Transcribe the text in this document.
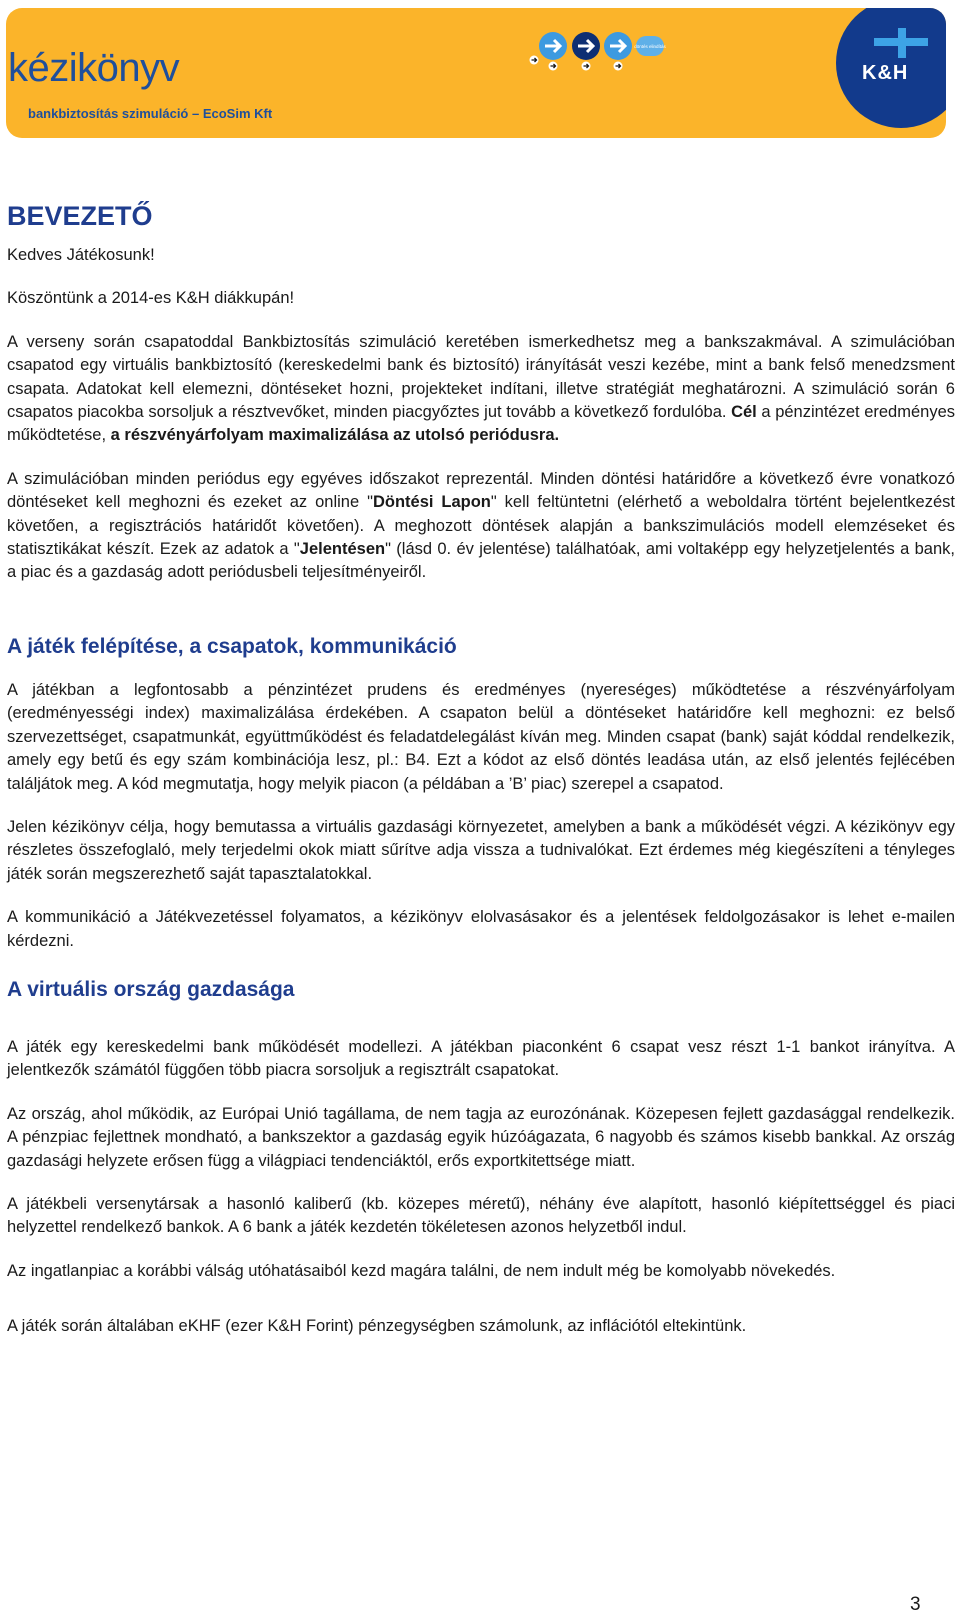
kézikönyv
bankbiztosítás szimuláció – EcoSim Kft
döntés elindítás
K&H
BEVEZETŐ

Kedves Játékosunk!

Köszöntünk a 2014-es K&H diákkupán!

A verseny során csapatoddal Bankbiztosítás szimuláció keretében ismerkedhetsz meg a bankszakmával. A szimulációban csapatod egy virtuális bankbiztosító (kereskedelmi bank és biztosító) irányítását veszi kezébe, mint a bank felső menedzsment csapata. Adatokat kell elemezni, döntéseket hozni, projekteket indítani, illetve stratégiát meghatározni. A szimuláció során 6 csapatos piacokba sorsoljuk a résztvevőket, minden piacgyőztes jut tovább a következő fordulóba. Cél a pénzintézet eredményes működtetése, a részvényárfolyam maximalizálása az utolsó periódusra.

A szimulációban minden periódus egy egyéves időszakot reprezentál. Minden döntési határidőre a következő évre vonatkozó döntéseket kell meghozni és ezeket az online "Döntési Lapon" kell feltüntetni (elérhető a weboldalra történt bejelentkezést követően, a regisztrációs határidőt követően). A meghozott döntések alapján a bankszimulációs modell elemzéseket és statisztikákat készít. Ezek az adatok a "Jelentésen" (lásd 0. év jelentése) találhatóak, ami voltaképp egy helyzetjelentés a bank, a piac és a gazdaság adott periódusbeli teljesítményeiről.

A játék felépítése, a csapatok, kommunikáció

A játékban a legfontosabb a pénzintézet prudens és eredményes (nyereséges) működtetése a részvényárfolyam (eredményességi index) maximalizálása érdekében. A csapaton belül a döntéseket határidőre kell meghozni: ez belső szervezettséget, csapatmunkát, együttműködést és feladatdelegálást kíván meg. Minden csapat (bank) saját kóddal rendelkezik, amely egy betű és egy szám kombinációja lesz, pl.: B4. Ezt a kódot az első döntés leadása után, az első jelentés fejlécében találjátok meg. A kód megmutatja, hogy melyik piacon (a példában a ’B’ piac) szerepel a csapatod.

Jelen kézikönyv célja, hogy bemutassa a virtuális gazdasági környezetet, amelyben a bank a működését végzi. A kézikönyv egy részletes összefoglaló, mely terjedelmi okok miatt sűrítve adja vissza a tudnivalókat. Ezt érdemes még kiegészíteni a tényleges játék során megszerezhető saját tapasztalatokkal.

A kommunikáció a Játékvezetéssel folyamatos, a kézikönyv elolvasásakor és a jelentések feldolgozásakor is lehet e-mailen kérdezni.

A virtuális ország gazdasága

A játék egy kereskedelmi bank működését modellezi. A játékban piaconként 6 csapat vesz részt 1-1 bankot irányítva. A jelentkezők számától függően több piacra sorsoljuk a regisztrált csapatokat.

Az ország, ahol működik, az Európai Unió tagállama, de nem tagja az eurozónának. Közepesen fejlett gazdasággal rendelkezik. A pénzpiac fejlettnek mondható, a bankszektor a gazdaság egyik húzóágazata, 6 nagyobb és számos kisebb bankkal. Az ország gazdasági helyzete erősen függ a világpiaci tendenciáktól, erős exportkitettsége miatt.

A játékbeli versenytársak a hasonló kaliberű (kb. közepes méretű), néhány éve alapított, hasonló kiépítettséggel és piaci helyzettel rendelkező bankok. A 6 bank a játék kezdetén tökéletesen azonos helyzetből indul.

Az ingatlanpiac a korábbi válság utóhatásaiból kezd magára találni, de nem indult még be komolyabb növekedés.

A játék során általában eKHF (ezer K&H Forint) pénzegységben számolunk, az inflációtól eltekintünk.

3
